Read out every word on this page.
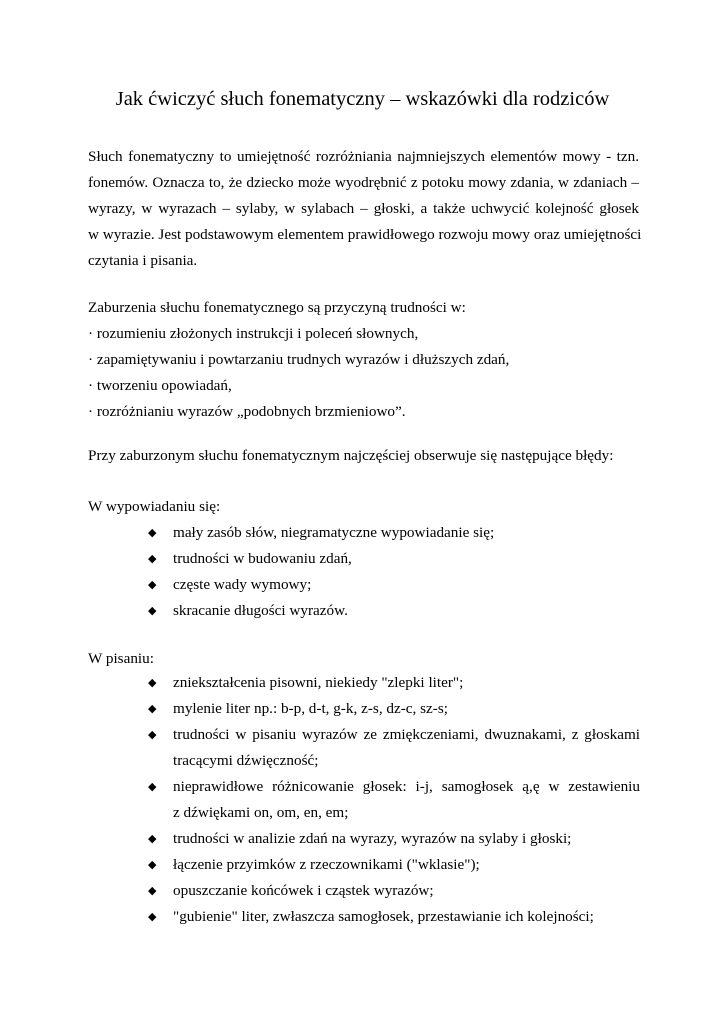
Jak ćwiczyć słuch fonematyczny – wskazówki dla rodziców
Słuch fonematyczny to umiejętność rozróżniania najmniejszych elementów mowy - tzn.
fonemów. Oznacza to, że dziecko może wyodrębnić z potoku mowy zdania, w zdaniach –
wyrazy, w wyrazach – sylaby, w sylabach – głoski, a także uchwycić kolejność głosek
w wyrazie. Jest podstawowym elementem prawidłowego rozwoju mowy oraz umiejętności
czytania i pisania.

Zaburzenia słuchu fonematycznego są przyczyną trudności w:

· rozumieniu złożonych instrukcji i poleceń słownych,
· zapamiętywaniu i powtarzaniu trudnych wyrazów i dłuższych zdań,
· tworzeniu opowiadań,
· rozróżnianiu wyrazów „podobnych brzmieniowo”.

Przy zaburzonym słuchu fonematycznym najczęściej obserwuje się następujące błędy:

W wypowiadaniu się:

◆ mały zasób słów, niegramatyczne wypowiadanie się;
◆ trudności w budowaniu zdań,
◆ częste wady wymowy;
◆ skracanie długości wyrazów.

W pisaniu:

◆ zniekształcenia pisowni, niekiedy "zlepki liter";
◆ mylenie liter np.: b-p, d-t, g-k, z-s, dz-c, sz-s;
◆ trudności w pisaniu wyrazów ze zmiękczeniami, dwuznakami, z głoskami
tracącymi dźwięczność;
◆ nieprawidłowe różnicowanie głosek: i-j, samogłosek ą,ę w zestawieniu
z dźwiękami on, om, en, em;
◆ trudności w analizie zdań na wyrazy, wyrazów na sylaby i głoski;
◆ łączenie przyimków z rzeczownikami ("wklasie");
◆ opuszczanie końcówek i cząstek wyrazów;
◆ "gubienie" liter, zwłaszcza samogłosek, przestawianie ich kolejności;
